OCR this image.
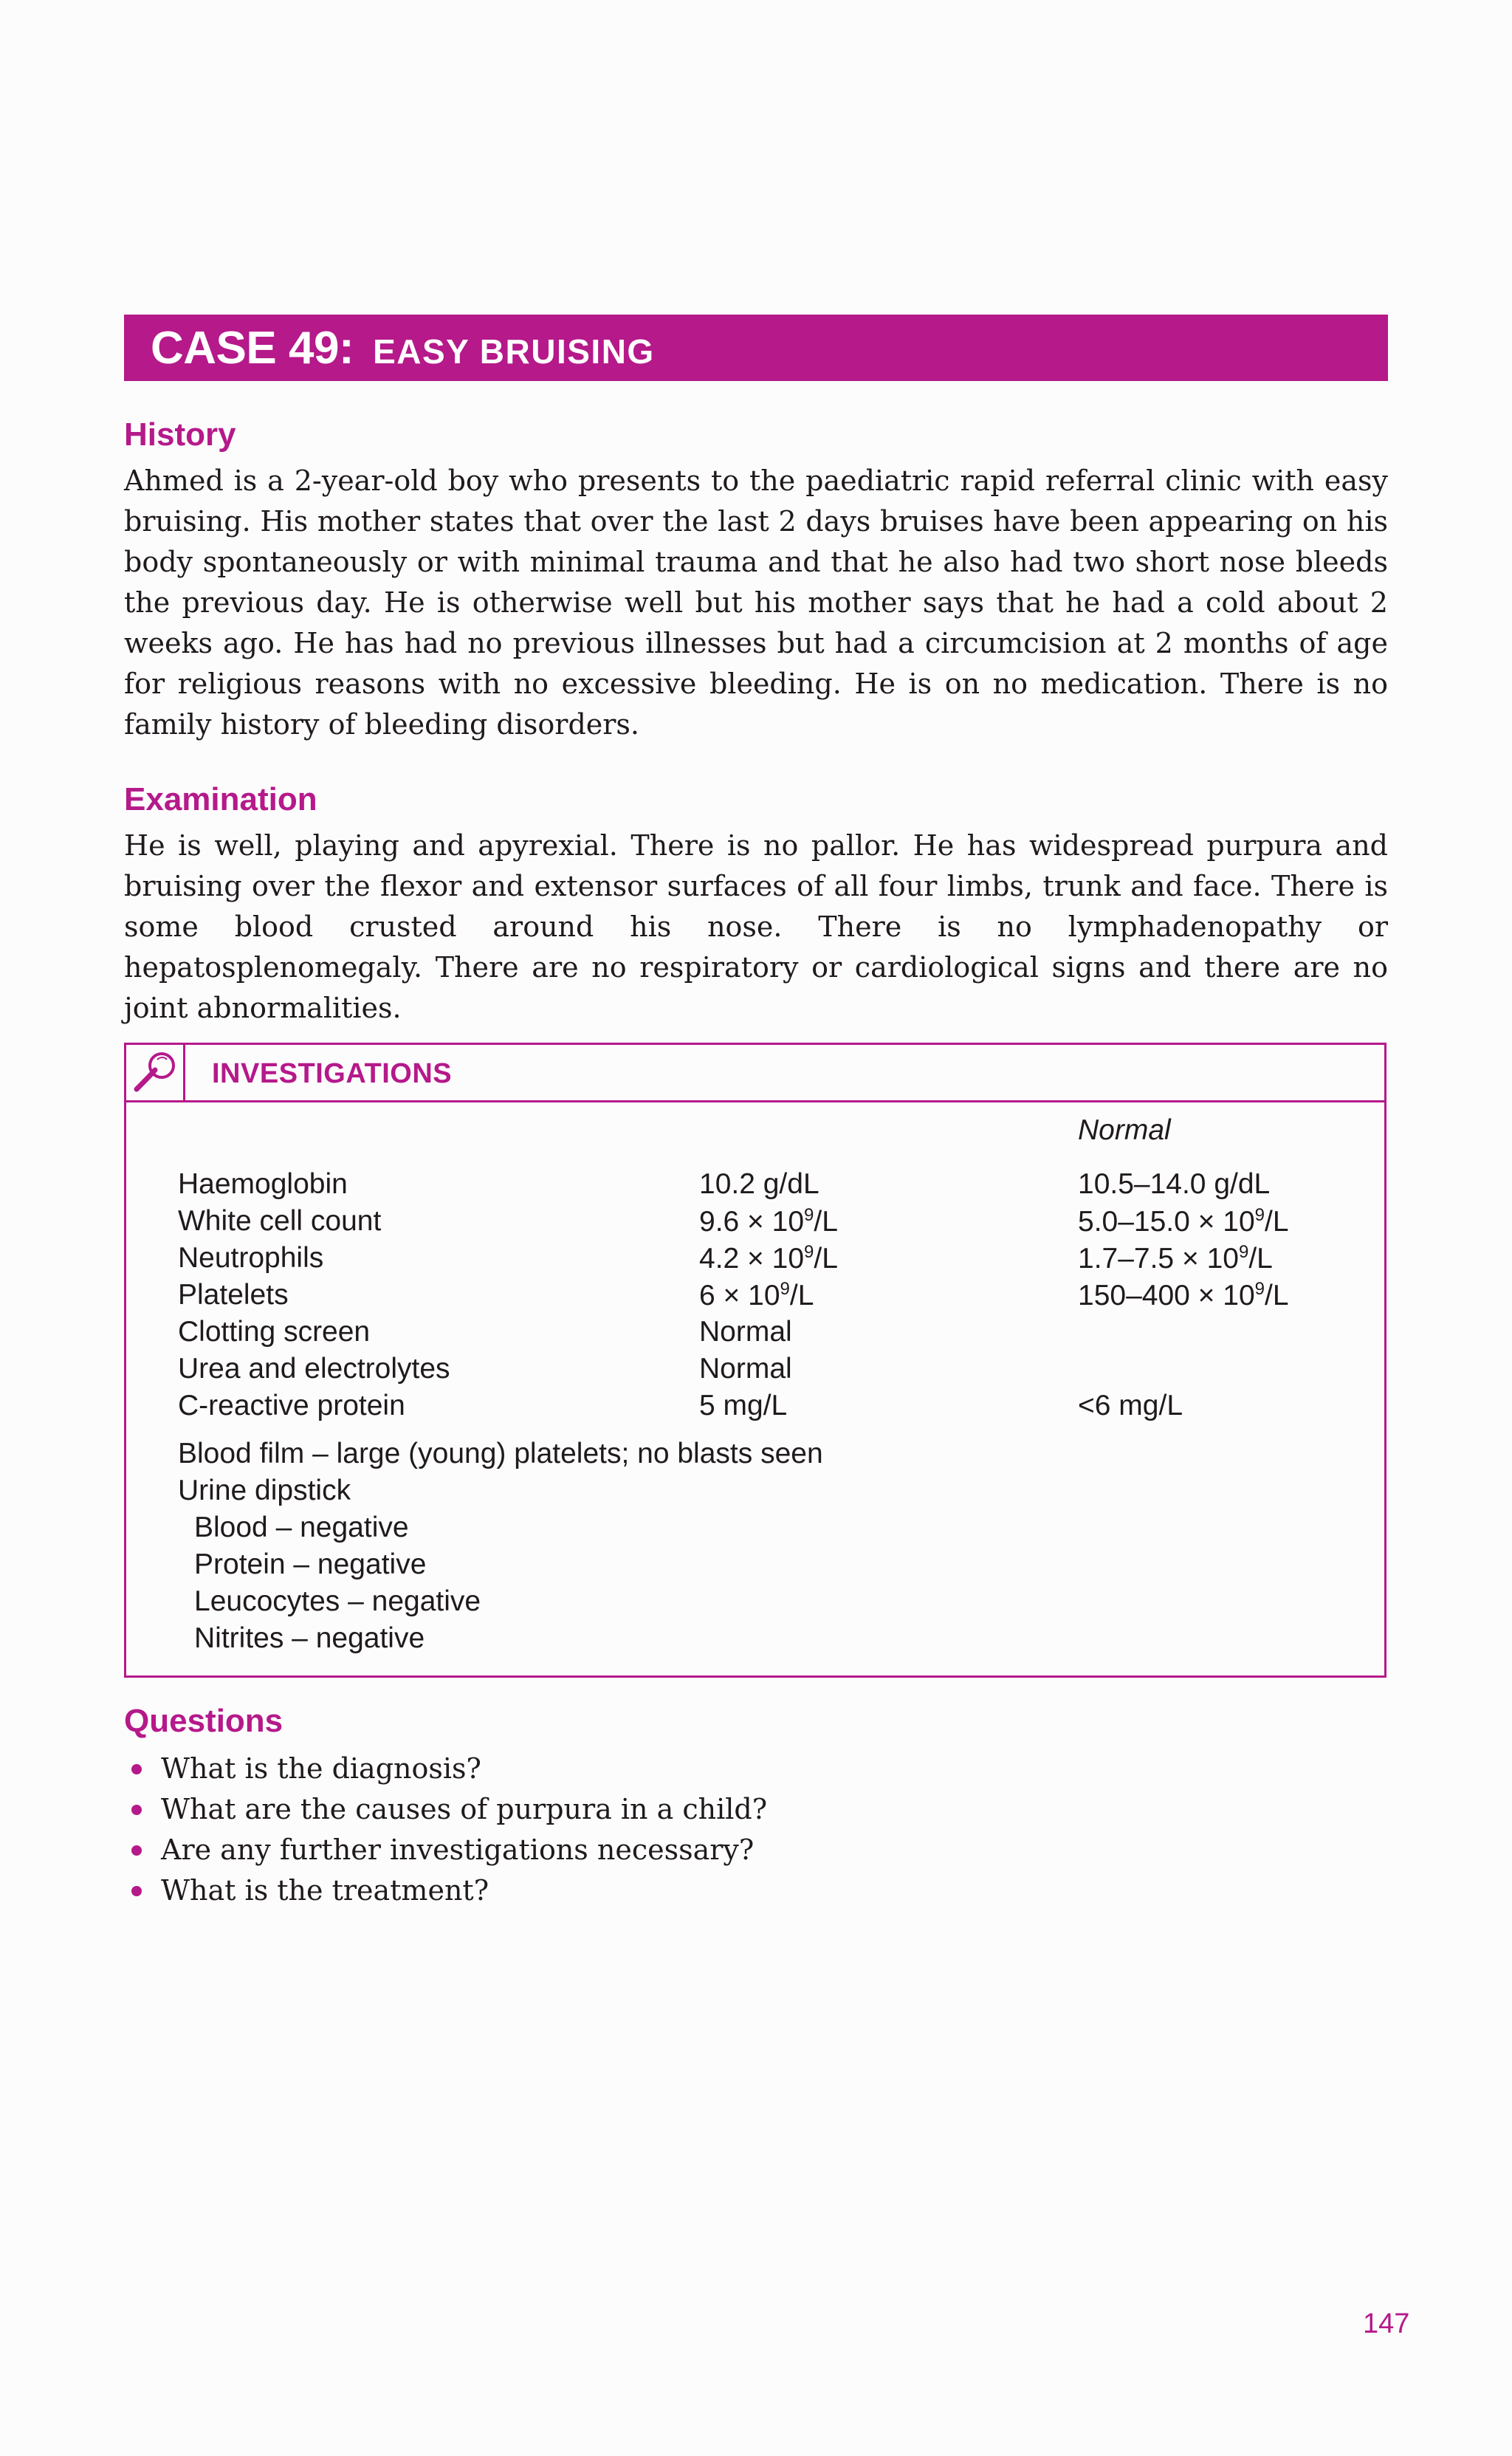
CASE 49: EASY BRUISING
History

Ahmed is a 2-year-old boy who presents to the paediatric rapid referral clinic with easy bruising. His mother states that over the last 2 days bruises have been appearing on his body spontaneously or with minimal trauma and that he also had two short nose bleeds the previous day. He is otherwise well but his mother says that he had a cold about 2 weeks ago. He has had no previous illnesses but had a circumcision at 2 months of age for religious reasons with no excessive bleeding. He is on no medication. There is no family history of bleeding disorders.

Examination

He is well, playing and apyrexial. There is no pallor. He has widespread purpura and bruising over the flexor and extensor surfaces of all four limbs, trunk and face. There is some blood crusted around his nose. There is no lymphadenopathy or hepatosplenomegaly. There are no respiratory or cardiological signs and there are no joint abnormalities.

INVESTIGATIONS
Normal
Haemoglobin	10.2 g/dL	10.5–14.0 g/dL
White cell count	$9.6 \times 10^9/L$	$5.0-15.0 \times 10^9/L$
Neutrophils	$4.2 \times 10^9/L$	$1.7-7.5 \times 10^9/L$
Platelets	$6 \times 10^9/L$	$150-400 \times 10^9/L$
Clotting screen	Normal
Urea and electrolytes	Normal
C-reactive protein	5 mg/L	<6 mg/L
Blood film – large (young) platelets; no blasts seen
Urine dipstick
Blood – negative
Protein – negative
Leucocytes – negative
Nitrites – negative
Questions
What is the diagnosis?
What are the causes of purpura in a child?
Are any further investigations necessary?
What is the treatment?
147
